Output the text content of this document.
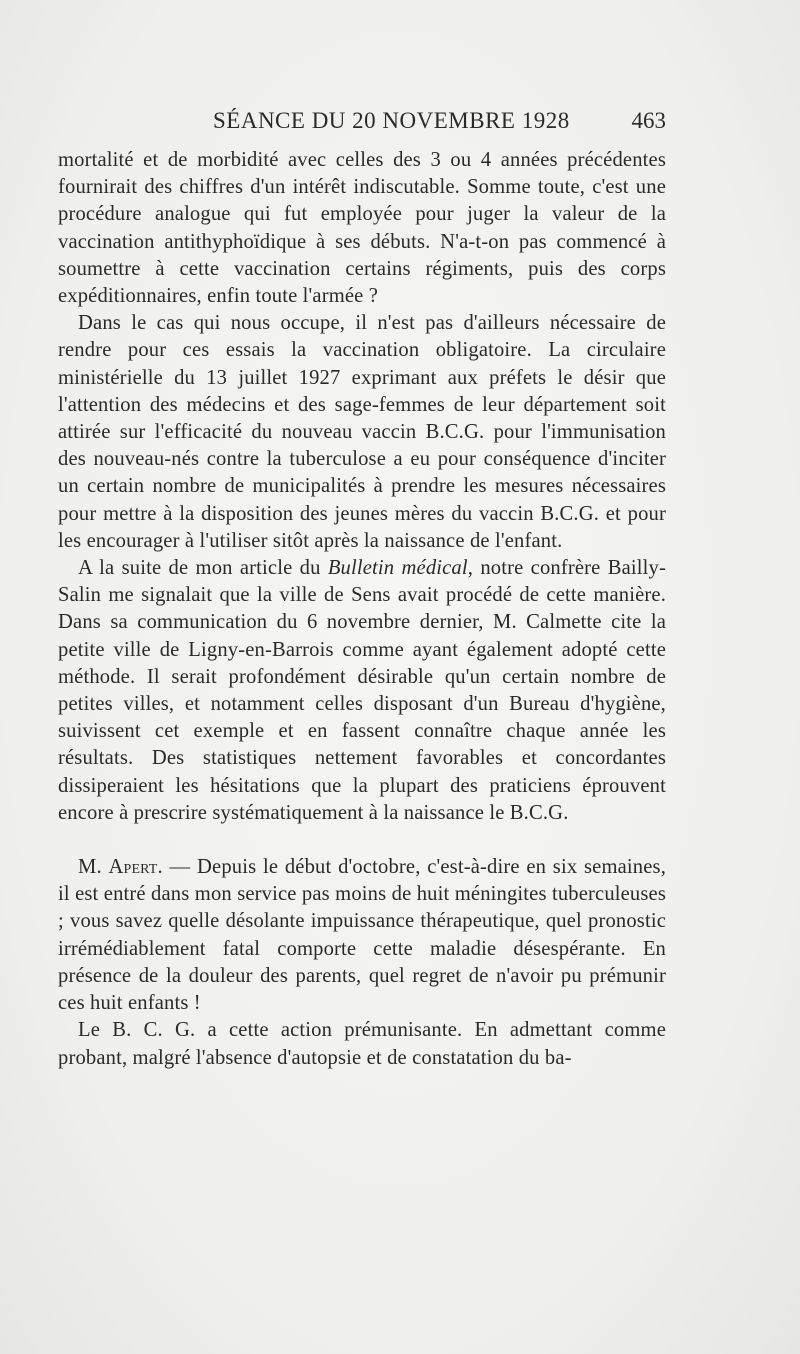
SÉANCE DU 20 NOVEMBRE 1928	463

mortalité et de morbidité avec celles des 3 ou 4 années précédentes fournirait des chiffres d'un intérêt indiscutable. Somme toute, c'est une procédure analogue qui fut employée pour juger la valeur de la vaccination antithyphoïdique à ses débuts. N'a-t-on pas commencé à soumettre à cette vaccination certains régiments, puis des corps expéditionnaires, enfin toute l'armée ?

Dans le cas qui nous occupe, il n'est pas d'ailleurs nécessaire de rendre pour ces essais la vaccination obligatoire. La circulaire ministérielle du 13 juillet 1927 exprimant aux préfets le désir que l'attention des médecins et des sage-femmes de leur département soit attirée sur l'efficacité du nouveau vaccin B.C.G. pour l'immunisation des nouveau-nés contre la tuberculose a eu pour conséquence d'inciter un certain nombre de municipalités à prendre les mesures nécessaires pour mettre à la disposition des jeunes mères du vaccin B.C.G. et pour les encourager à l'utiliser sitôt après la naissance de l'enfant.

A la suite de mon article du Bulletin médical, notre confrère Bailly-Salin me signalait que la ville de Sens avait procédé de cette manière. Dans sa communication du 6 novembre dernier, M. Calmette cite la petite ville de Ligny-en-Barrois comme ayant également adopté cette méthode. Il serait profondément désirable qu'un certain nombre de petites villes, et notamment celles disposant d'un Bureau d'hygiène, suivissent cet exemple et en fassent connaître chaque année les résultats. Des statistiques nettement favorables et concordantes dissiperaient les hésitations que la plupart des praticiens éprouvent encore à prescrire systématiquement à la naissance le B.C.G.

M. Apert. — Depuis le début d'octobre, c'est-à-dire en six semaines, il est entré dans mon service pas moins de huit méningites tuberculeuses ; vous savez quelle désolante impuissance thérapeutique, quel pronostic irrémédiablement fatal comporte cette maladie désespérante. En présence de la douleur des parents, quel regret de n'avoir pu prémunir ces huit enfants !

Le B. C. G. a cette action prémunisante. En admettant comme probant, malgré l'absence d'autopsie et de constatation du ba-
